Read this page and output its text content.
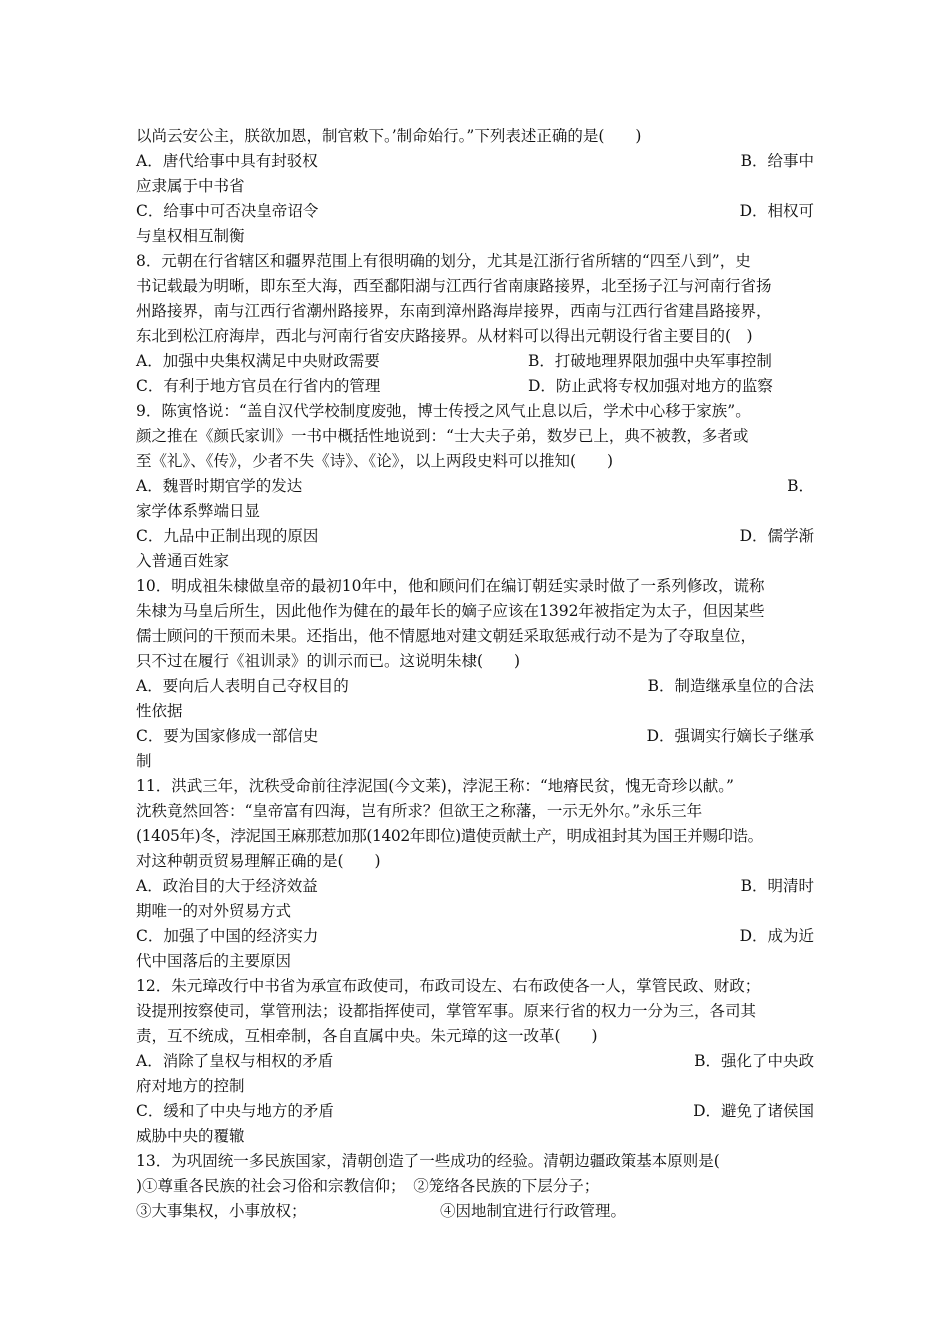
以尚云安公主，朕欲加恩，制官敕下。’制命始行。”下列表述正确的是(　　)
A．唐代给事中具有封驳权	B．给事中
应隶属于中书省
C．给事中可否决皇帝诏令	D．相权可
与皇权相互制衡
8．元朝在行省辖区和疆界范围上有很明确的划分，尤其是江浙行省所辖的“四至八到”，史
书记载最为明晰，即东至大海，西至鄱阳湖与江西行省南康路接界，北至扬子江与河南行省扬
州路接界，南与江西行省潮州路接界，东南到漳州路海岸接界，西南与江西行省建昌路接界，
东北到松江府海岸，西北与河南行省安庆路接界。从材料可以得出元朝设行省主要目的(　)
A．加强中央集权满足中央财政需要	B．打破地理界限加强中央军事控制
C．有利于地方官员在行省内的管理	D．防止武将专权加强对地方的监察
9．陈寅恪说：“盖自汉代学校制度废弛，博士传授之风气止息以后，学术中心移于家族”。
颜之推在《颜氏家训》一书中概括性地说到：“士大夫子弟，数岁已上，典不被教，多者或
至《礼》、《传》，少者不失《诗》、《论》，以上两段史料可以推知(　　)
A．魏晋时期官学的发达	B．
家学体系弊端日显
C．九品中正制出现的原因	D．儒学渐
入普通百姓家
10．明成祖朱棣做皇帝的最初10年中，他和顾问们在编订朝廷实录时做了一系列修改，谎称
朱棣为马皇后所生，因此他作为健在的最年长的嫡子应该在1392年被指定为太子，但因某些
儒士顾问的干预而未果。还指出，他不情愿地对建文朝廷采取惩戒行动不是为了夺取皇位，
只不过在履行《祖训录》的训示而已。这说明朱棣(　　)
A．要向后人表明自己夺权目的	B．制造继承皇位的合法
性依据
C．要为国家修成一部信史	D．强调实行嫡长子继承
制
11．洪武三年，沈秩受命前往浡泥国(今文莱)，浡泥王称：“地瘠民贫，愧无奇珍以献。”
沈秩竟然回答：“皇帝富有四海，岂有所求？但欲王之称藩，一示无外尔。”永乐三年
(1405年)冬，浡泥国王麻那惹加那(1402年即位)遣使贡献土产，明成祖封其为国王并赐印诰。
对这种朝贡贸易理解正确的是(　　)
A．政治目的大于经济效益	B．明清时
期唯一的对外贸易方式
C．加强了中国的经济实力	D．成为近
代中国落后的主要原因
12．朱元璋改行中书省为承宣布政使司，布政司设左、右布政使各一人，掌管民政、财政；
设提刑按察使司，掌管刑法；设都指挥使司，掌管军事。原来行省的权力一分为三，各司其
责，互不统成，互相牵制，各自直属中央。朱元璋的这一改革(　　)
A．消除了皇权与相权的矛盾	B．强化了中央政
府对地方的控制
C．缓和了中央与地方的矛盾	D．避免了诸侯国
威胁中央的覆辙
13．为巩固统一多民族国家，清朝创造了一些成功的经验。清朝边疆政策基本原则是(
)①尊重各民族的社会习俗和宗教信仰；　②笼络各民族的下层分子；
③大事集权，小事放权；	④因地制宜进行行政管理。
